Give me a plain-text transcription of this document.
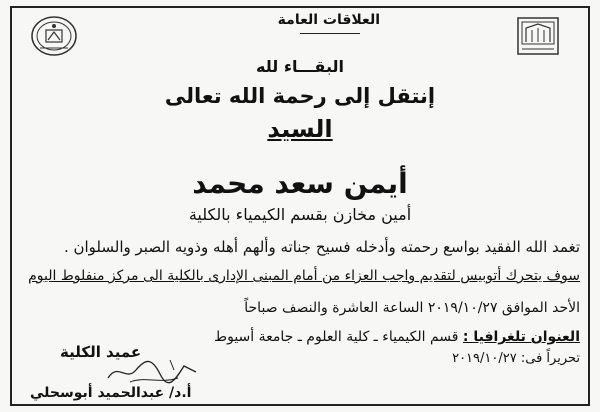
العلاقات العامة
البقـــاء لله
إنتقل إلى رحمة الله تعالى
السيد
أيمن سعد محمد
أمين مخازن بقسم الكيمياء بالكلية
تغمد الله الفقيد بواسع رحمته وأدخله فسيح جناته وألهم أهله وذويه الصبر والسلوان .
سوف يتحرك أتوبيس لتقديم واجب العزاء من أمام المبنى الإدارى بالكلية الى مركز منفلوط اليوم
الأحد الموافق ٢٠١٩/١٠/٢٧ الساعة العاشرة والنصف صباحاً
العنوان تلغرافيا : قسم الكيمياء ـ كلية العلوم ـ جامعة أسيوط
تحريراً فى: ٢٠١٩/١٠/٢٧
عميد الكلية
أ.د/ عبدالحميد أبوسحلي
